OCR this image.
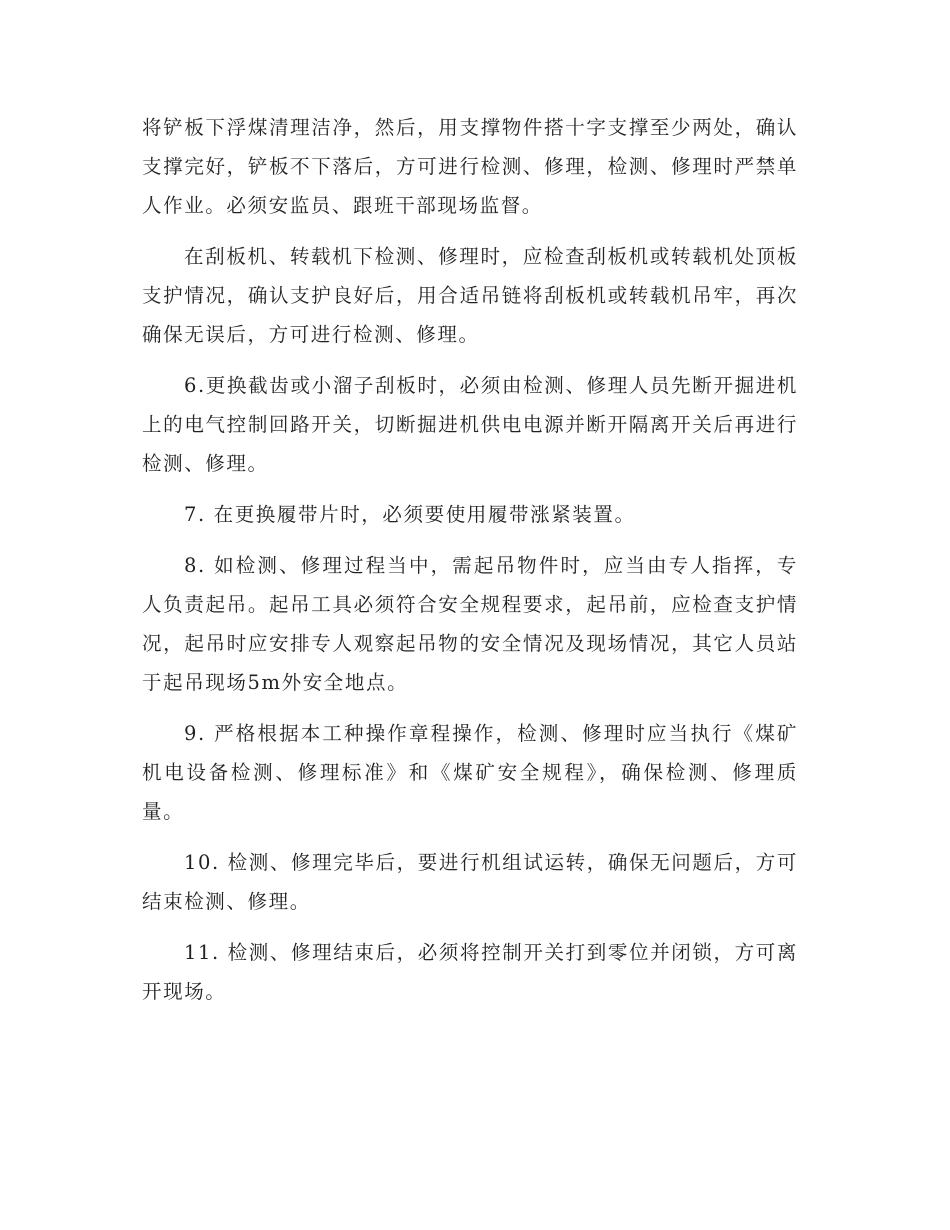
将铲板下浮煤清理洁净，然后，用支撑物件搭十字支撑至少两处，确认支撑完好，铲板不下落后，方可进行检测、修理，检测、修理时严禁单人作业。必须安监员、跟班干部现场监督。

在刮板机、转载机下检测、修理时，应检查刮板机或转载机处顶板支护情况，确认支护良好后，用合适吊链将刮板机或转载机吊牢，再次确保无误后，方可进行检测、修理。

6.更换截齿或小溜子刮板时，必须由检测、修理人员先断开掘进机上的电气控制回路开关，切断掘进机供电电源并断开隔离开关后再进行检测、修理。

7. 在更换履带片时，必须要使用履带涨紧装置。

8. 如检测、修理过程当中，需起吊物件时，应当由专人指挥，专人负责起吊。起吊工具必须符合安全规程要求，起吊前，应检查支护情况，起吊时应安排专人观察起吊物的安全情况及现场情况，其它人员站于起吊现场5m外安全地点。

9. 严格根据本工种操作章程操作，检测、修理时应当执行《煤矿机电设备检测、修理标准》和《煤矿安全规程》，确保检测、修理质量。

10. 检测、修理完毕后，要进行机组试运转，确保无问题后，方可结束检测、修理。

11. 检测、修理结束后，必须将控制开关打到零位并闭锁，方可离开现场。
